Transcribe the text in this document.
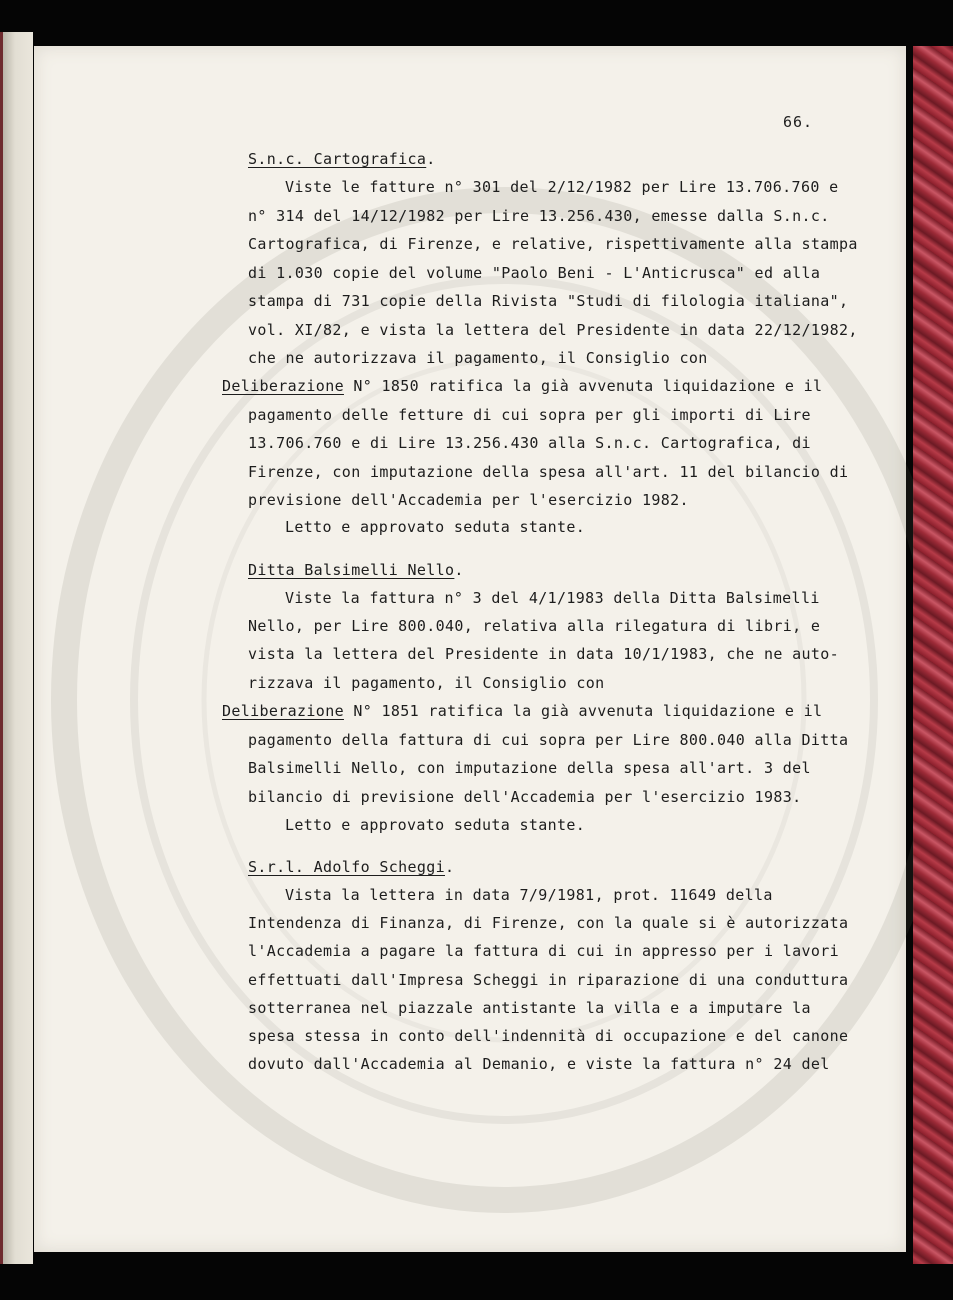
66.
S.n.c. Cartografica.
Viste le fatture n° 301 del 2/12/1982 per Lire 13.706.760 e
n° 314 del 14/12/1982 per Lire 13.256.430, emesse dalla S.n.c.
Cartografica, di Firenze, e relative, rispettivamente alla stampa
di 1.030 copie del volume "Paolo Beni - L'Anticrusca" ed alla
stampa di 731 copie della Rivista "Studi di filologia italiana",
vol. XI/82, e vista la lettera del Presidente in data 22/12/1982,
che ne autorizzava il pagamento, il Consiglio con
Deliberazione N° 1850 ratifica la già avvenuta liquidazione e il
pagamento delle fetture di cui sopra per gli importi di Lire
13.706.760 e di Lire 13.256.430 alla S.n.c. Cartografica, di
Firenze, con imputazione della spesa all'art. 11 del bilancio di
previsione dell'Accademia per l'esercizio 1982.
Letto e approvato seduta stante.
Ditta Balsimelli Nello.
Viste la fattura n° 3 del 4/1/1983 della Ditta Balsimelli
Nello, per Lire 800.040, relativa alla rilegatura di libri, e
vista la lettera del Presidente in data 10/1/1983, che ne auto-
rizzava il pagamento, il Consiglio con
Deliberazione N° 1851 ratifica la già avvenuta liquidazione e il
pagamento della fattura di cui sopra per Lire 800.040 alla Ditta
Balsimelli Nello, con imputazione della spesa all'art. 3 del
bilancio di previsione dell'Accademia per l'esercizio 1983.
Letto e approvato seduta stante.
S.r.l. Adolfo Scheggi.
Vista la lettera in data 7/9/1981, prot. 11649 della
Intendenza di Finanza, di Firenze, con la quale si è autorizzata
l'Accademia a pagare la fattura di cui in appresso per i lavori
effettuati dall'Impresa Scheggi in riparazione di una conduttura
sotterranea nel piazzale antistante la villa e a imputare la
spesa stessa in conto dell'indennità di occupazione e del canone
dovuto dall'Accademia al Demanio, e viste la fattura n° 24 del
